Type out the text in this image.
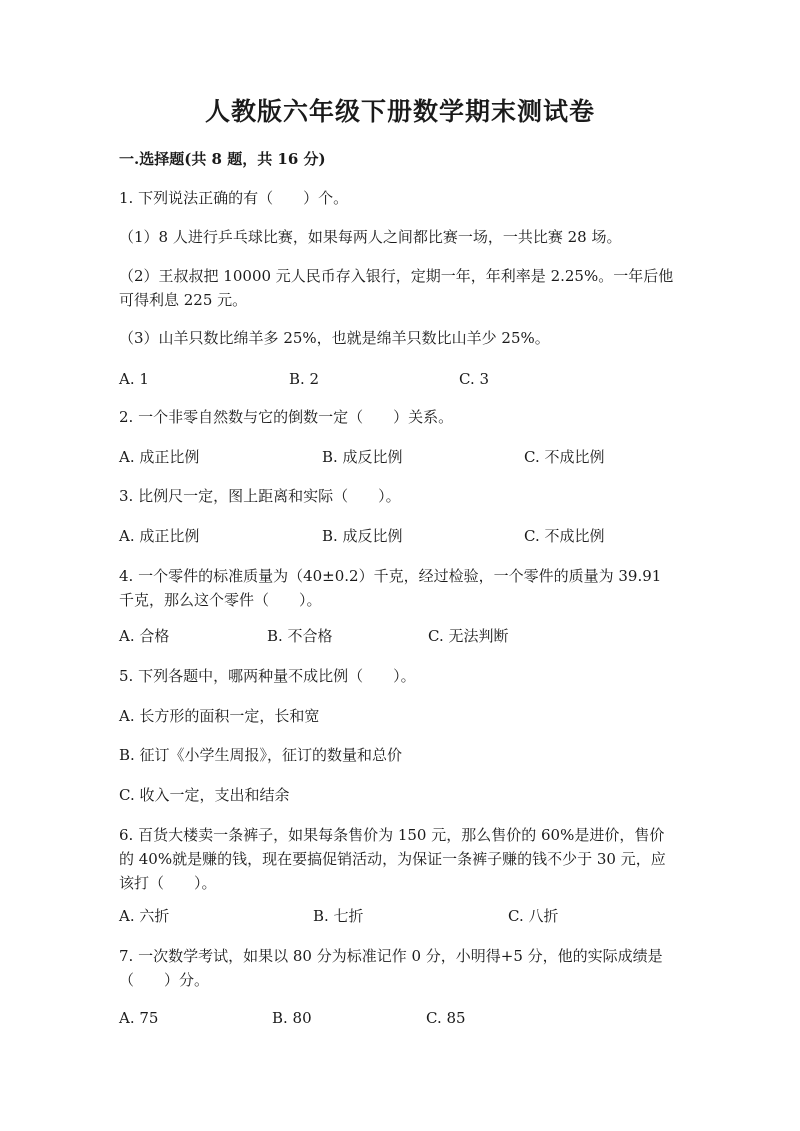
人教版六年级下册数学期末测试卷
一.选择题(共 8 题，共 16 分)
1. 下列说法正确的有（　　）个。
（1）8 人进行乒乓球比赛，如果每两人之间都比赛一场，一共比赛 28 场。
（2）王叔叔把 10000 元人民币存入银行，定期一年，年利率是 2.25%。一年后他可得利息 225 元。
（3）山羊只数比绵羊多 25%，也就是绵羊只数比山羊少 25%。
A. 1	B. 2	C. 3
2. 一个非零自然数与它的倒数一定（　　）关系。
A. 成正比例	B. 成反比例	C. 不成比例
3. 比例尺一定，图上距离和实际（　　）。
A. 成正比例	B. 成反比例	C. 不成比例
4. 一个零件的标准质量为（40±0.2）千克，经过检验，一个零件的质量为 39.91 千克，那么这个零件（　　）。
A. 合格	B. 不合格	C. 无法判断
5. 下列各题中，哪两种量不成比例（　　）。
A. 长方形的面积一定，长和宽
B. 征订《小学生周报》，征订的数量和总价
C. 收入一定，支出和结余
6. 百货大楼卖一条裤子，如果每条售价为 150 元，那么售价的 60%是进价，售价的 40%就是赚的钱，现在要搞促销活动，为保证一条裤子赚的钱不少于 30 元，应该打（　　）。
A. 六折	B. 七折	C. 八折
7. 一次数学考试，如果以 80 分为标准记作 0 分，小明得+5 分，他的实际成绩是（　　）分。
A. 75	B. 80	C. 85
